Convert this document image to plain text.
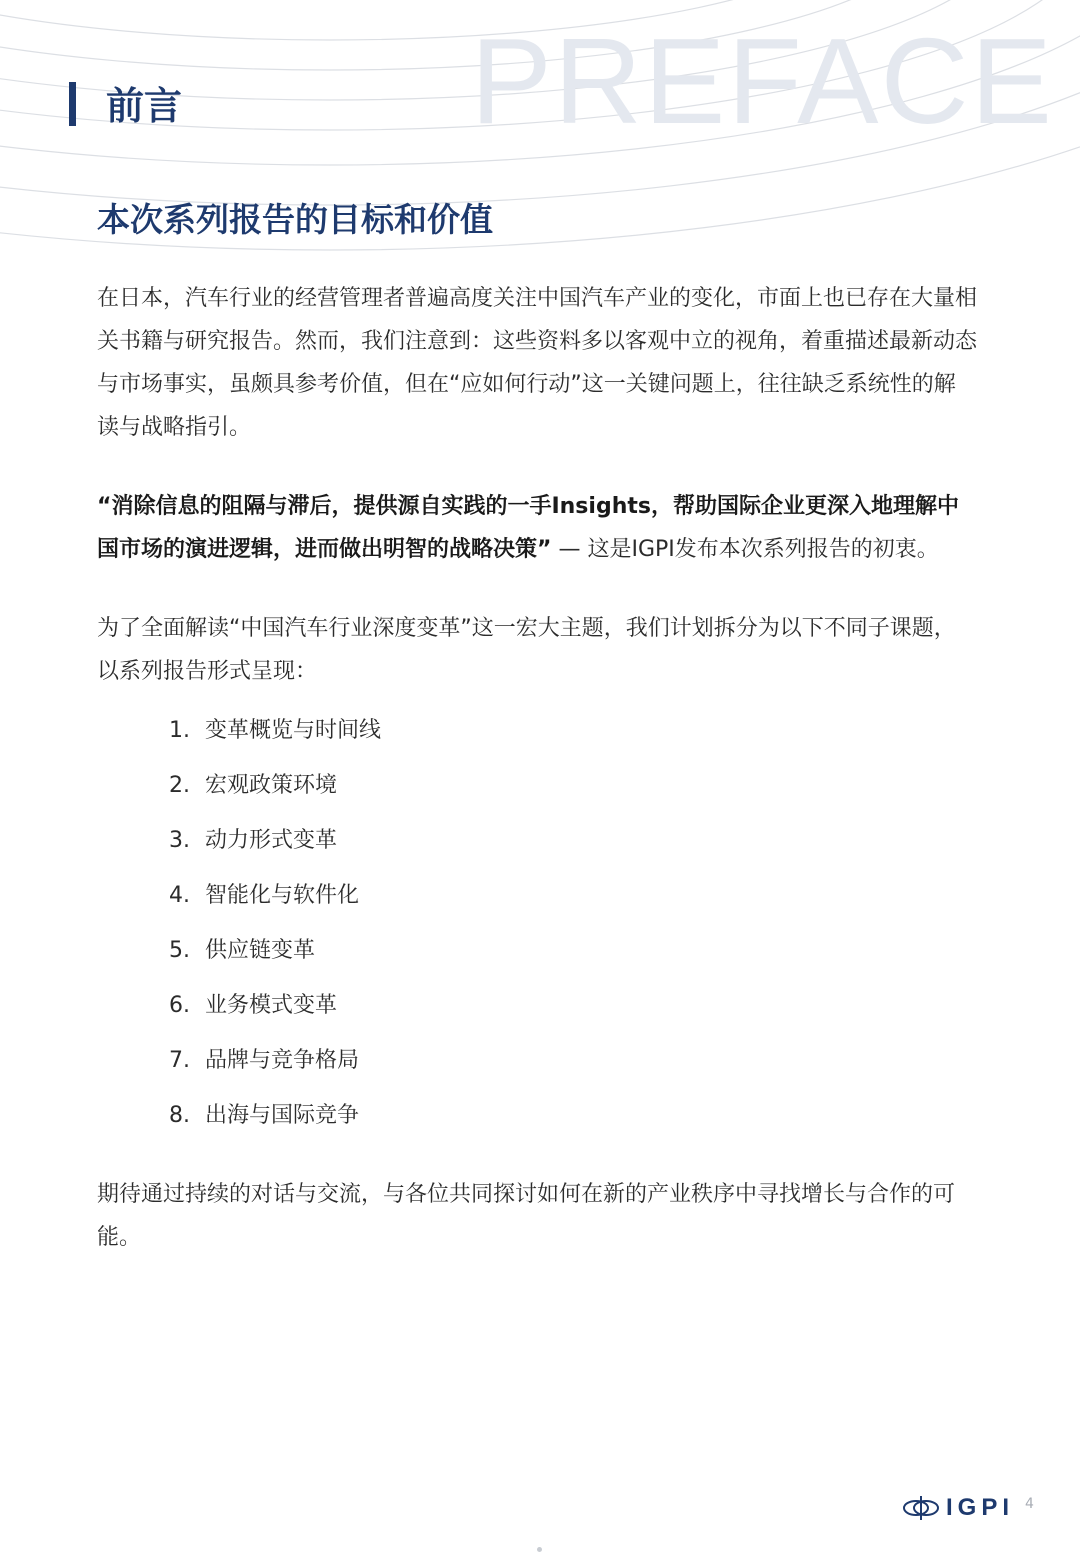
PREFACE
前言
本次系列报告的目标和价值

在日本，汽车行业的经营管理者普遍高度关注中国汽车产业的变化，市面上也已存在大量相关书籍与研究报告。然而，我们注意到：这些资料多以客观中立的视角，着重描述最新动态与市场事实，虽颇具参考价值，但在“应如何行动”这一关键问题上，往往缺乏系统性的解读与战略指引。

“消除信息的阻隔与滞后，提供源自实践的一手Insights，帮助国际企业更深入地理解中国市场的演进逻辑，进而做出明智的战略决策” — 这是IGPI发布本次系列报告的初衷。

为了全面解读“中国汽车行业深度变革”这一宏大主题，我们计划拆分为以下不同子课题，以系列报告形式呈现：

1. 变革概览与时间线
2. 宏观政策环境
3. 动力形式变革
4. 智能化与软件化
5. 供应链变革
6. 业务模式变革
7. 品牌与竞争格局
8. 出海与国际竞争

期待通过持续的对话与交流，与各位共同探讨如何在新的产业秩序中寻找增长与合作的可能。

IGPI 4
